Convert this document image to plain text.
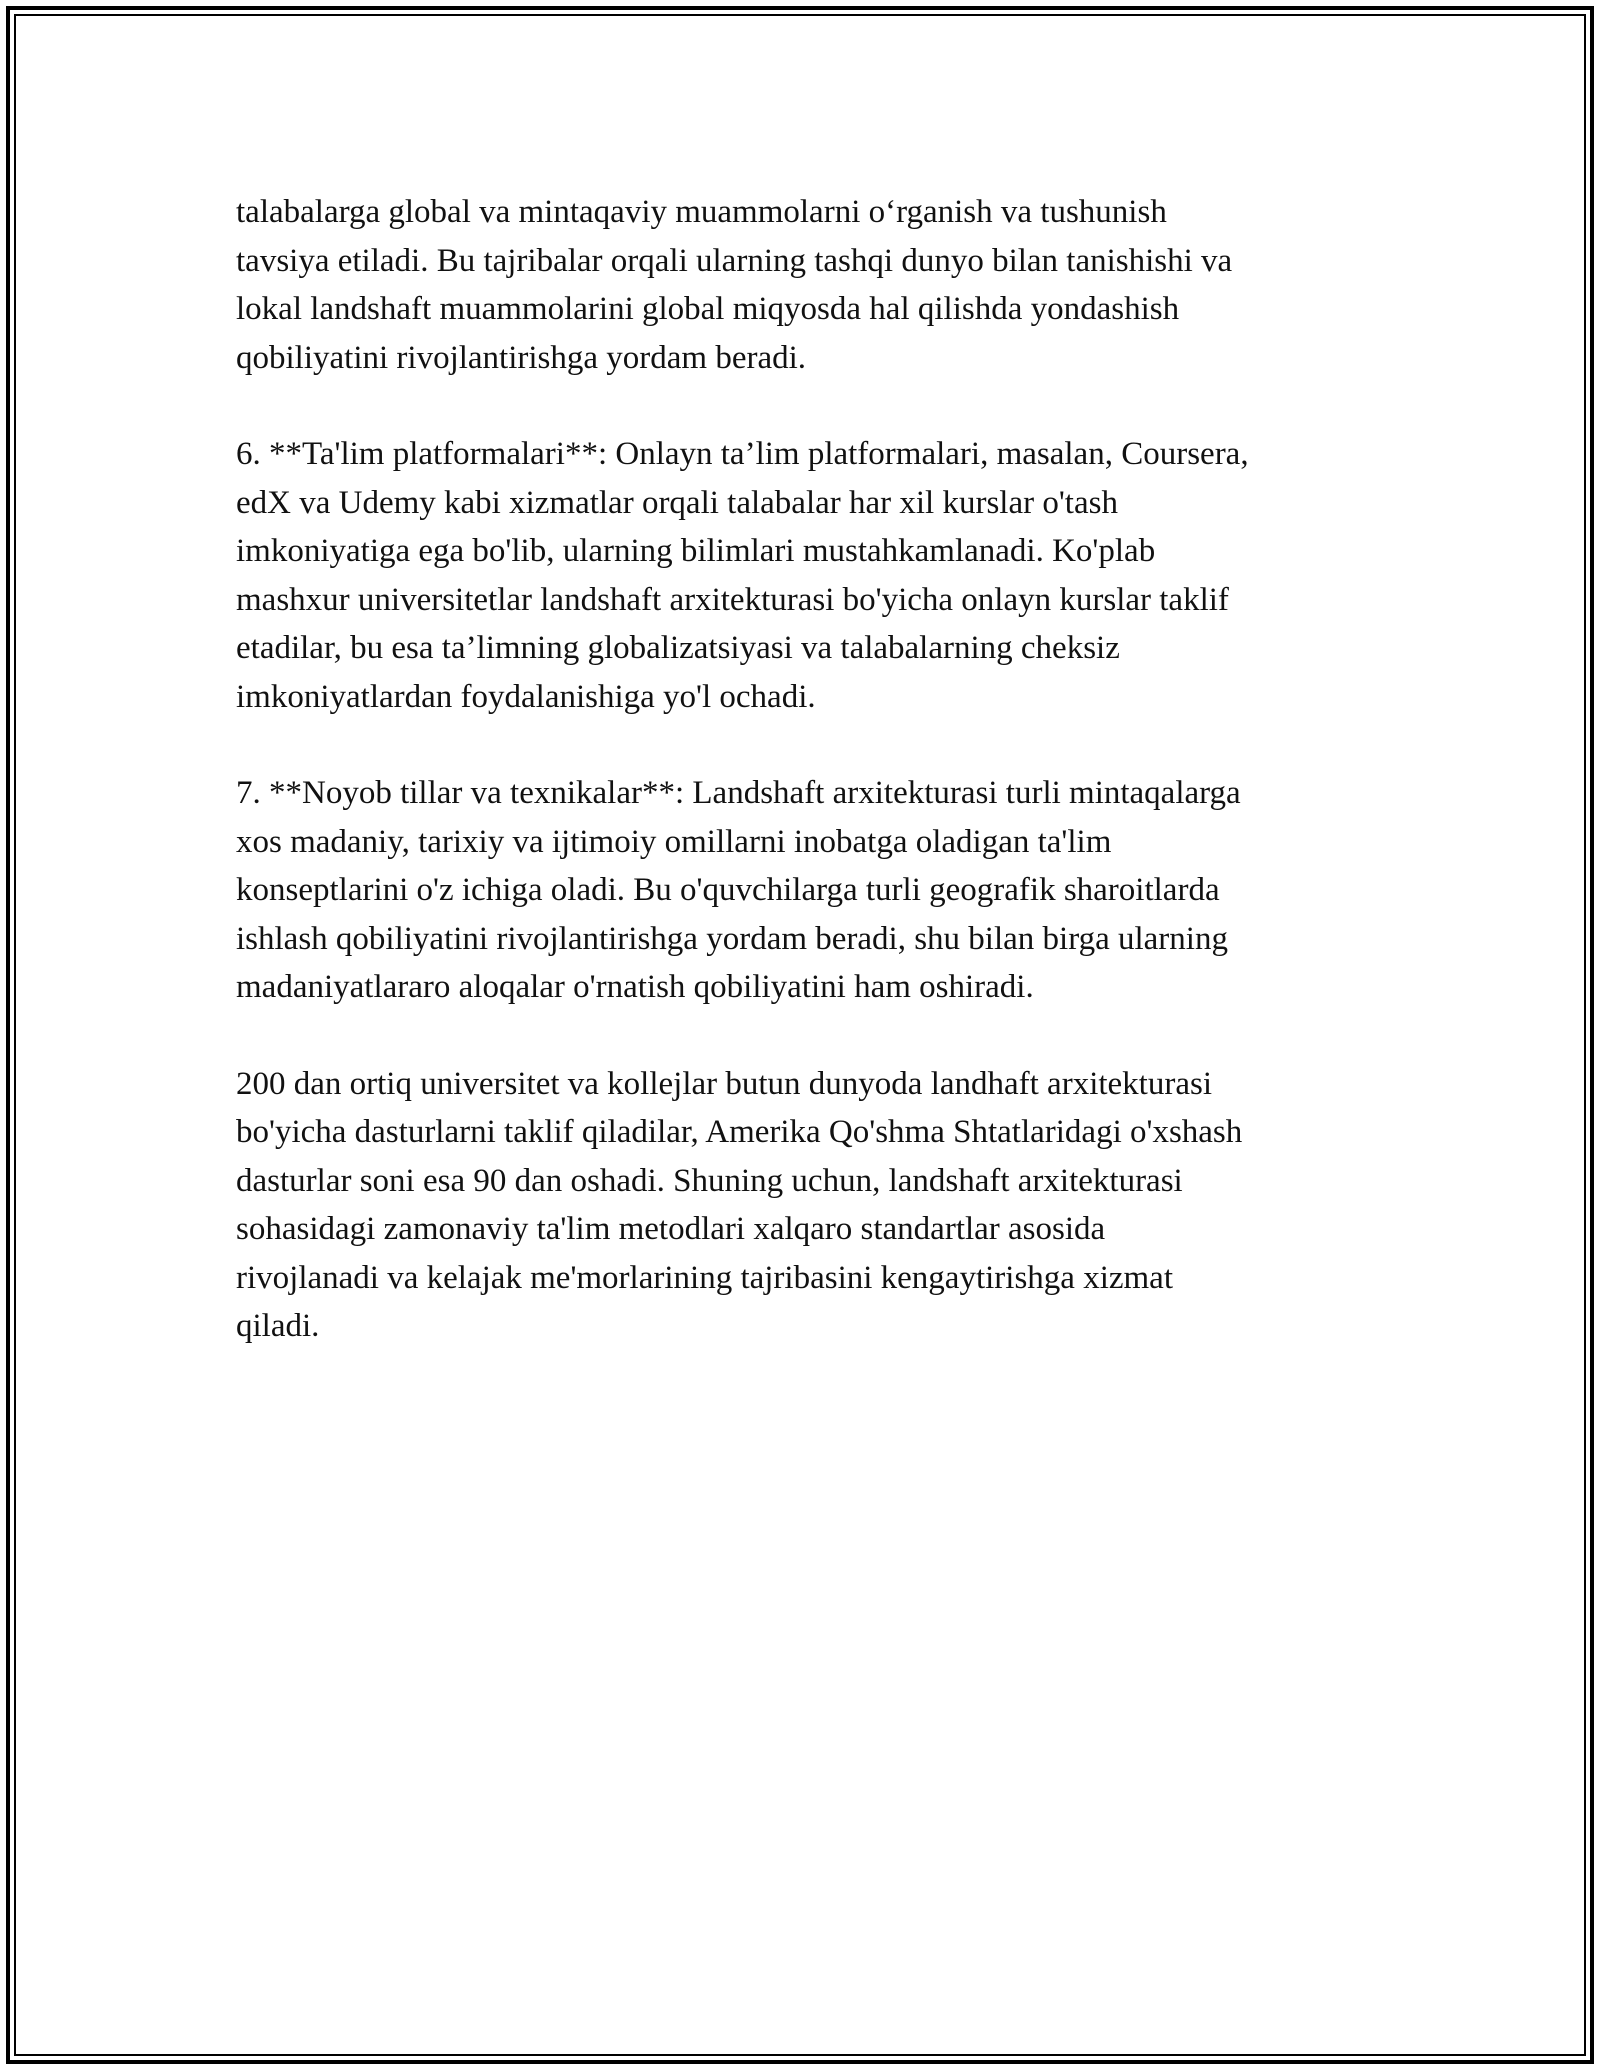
talabalarga global va mintaqaviy muammolarni o‘rganish va tushunish
tavsiya etiladi. Bu tajribalar orqali ularning tashqi dunyo bilan tanishishi va
lokal landshaft muammolarini global miqyosda hal qilishda yondashish
qobiliyatini rivojlantirishga yordam beradi.

6. **Ta'lim platformalari**: Onlayn ta’lim platformalari, masalan, Coursera,
edX va Udemy kabi xizmatlar orqali talabalar har xil kurslar o'tash
imkoniyatiga ega bo'lib, ularning bilimlari mustahkamlanadi. Ko'plab
mashxur universitetlar landshaft arxitekturasi bo'yicha onlayn kurslar taklif
etadilar, bu esa ta’limning globalizatsiyasi va talabalarning cheksiz
imkoniyatlardan foydalanishiga yo'l ochadi.

7. **Noyob tillar va texnikalar**: Landshaft arxitekturasi turli mintaqalarga
xos madaniy, tarixiy va ijtimoiy omillarni inobatga oladigan ta'lim
konseptlarini o'z ichiga oladi. Bu o'quvchilarga turli geografik sharoitlarda
ishlash qobiliyatini rivojlantirishga yordam beradi, shu bilan birga ularning
madaniyatlararo aloqalar o'rnatish qobiliyatini ham oshiradi.

200 dan ortiq universitet va kollejlar butun dunyoda landhaft arxitekturasi
bo'yicha dasturlarni taklif qiladilar, Amerika Qo'shma Shtatlaridagi o'xshash
dasturlar soni esa 90 dan oshadi. Shuning uchun, landshaft arxitekturasi
sohasidagi zamonaviy ta'lim metodlari xalqaro standartlar asosida
rivojlanadi va kelajak me'morlarining tajribasini kengaytirishga xizmat
qiladi.
